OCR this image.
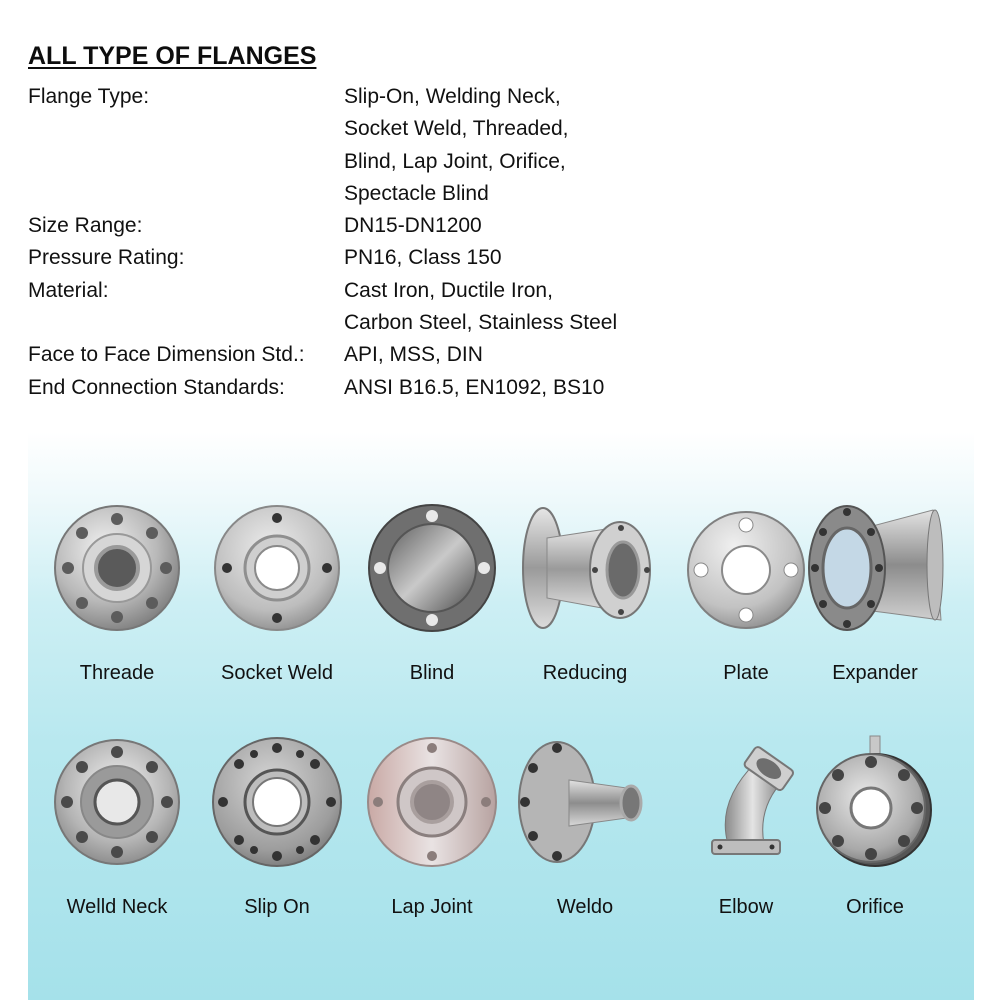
ALL TYPE OF FLANGES
Flange Type:	Slip-On, Welding Neck,
Socket Weld, Threaded,
Blind, Lap Joint, Orifice,
Spectacle Blind
Size Range:	DN15-DN1200
Pressure Rating:	PN16, Class 150
Material:	Cast Iron, Ductile Iron,
Carbon Steel, Stainless Steel
Face to Face Dimension Std.:	API, MSS, DIN
End Connection Standards:	ANSI B16.5, EN1092, BS10
Threade	Socket Weld	Blind	Reducing	Plate	Expander
Welld Neck	Slip On	Lap Joint	Weldo	Elbow	Orifice
